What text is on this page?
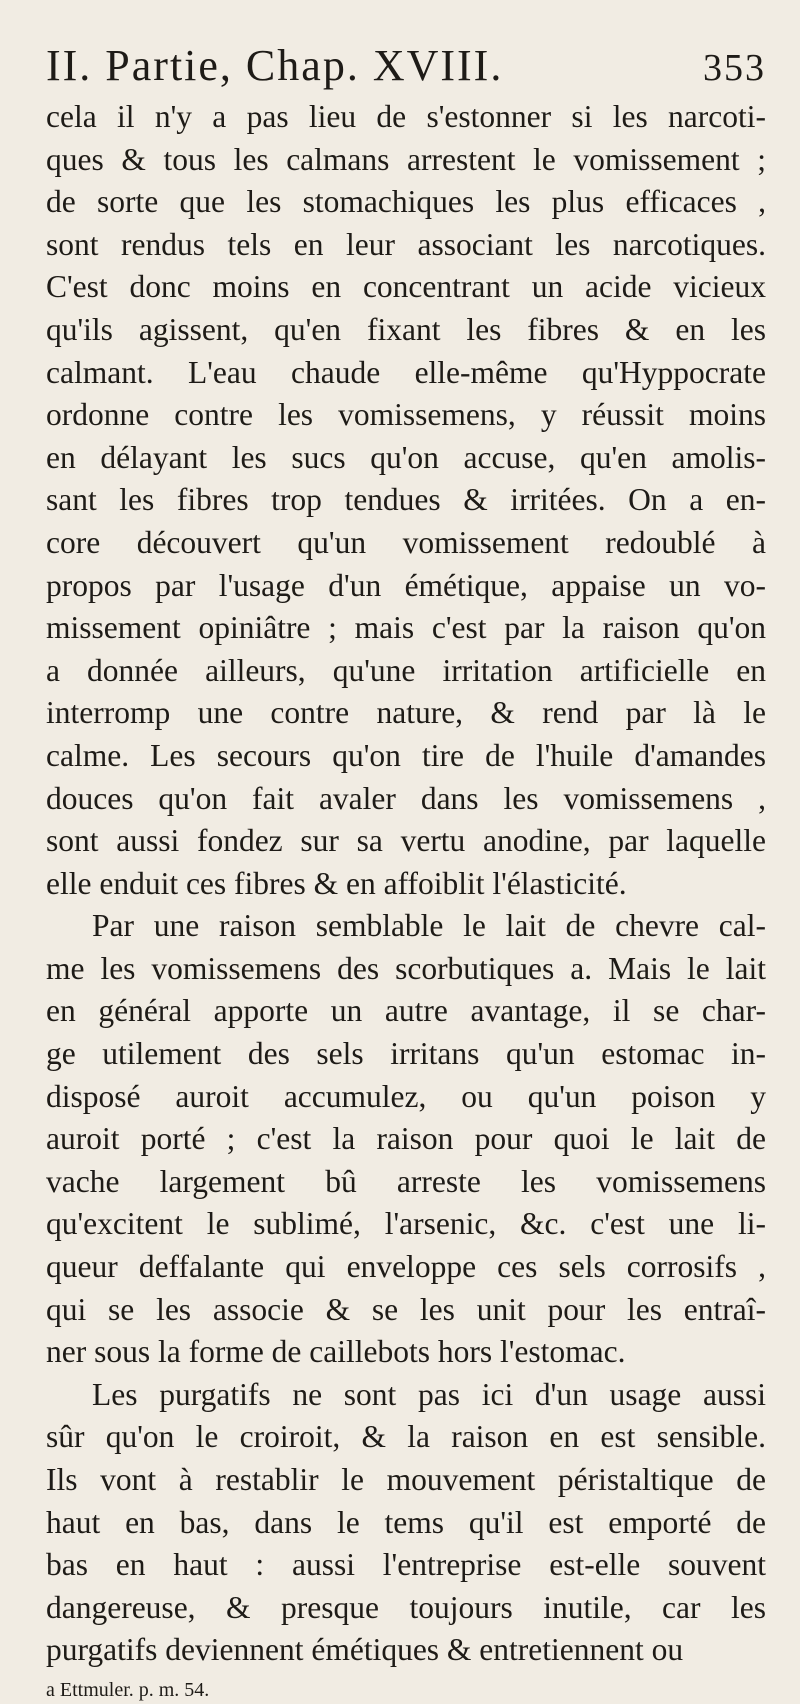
II. Partie, Chap. XVIII.	353
cela il n'y a pas lieu de s'estonner si les narcoti-
ques & tous les calmans arrestent le vomissement ;
de sorte que les stomachiques les plus efficaces ,
sont rendus tels en leur associant les narcotiques.
C'est donc moins en concentrant un acide vicieux
qu'ils agissent, qu'en fixant les fibres & en les
calmant. L'eau chaude elle-même qu'Hyppocrate
ordonne contre les vomissemens, y réussit moins
en délayant les sucs qu'on accuse, qu'en amolis-
sant les fibres trop tendues & irritées. On a en-
core découvert qu'un vomissement redoublé à
propos par l'usage d'un émétique, appaise un vo-
missement opiniâtre ; mais c'est par la raison qu'on
a donnée ailleurs, qu'une irritation artificielle en
interromp une contre nature, & rend par là le
calme. Les secours qu'on tire de l'huile d'amandes
douces qu'on fait avaler dans les vomissemens ,
sont aussi fondez sur sa vertu anodine, par laquelle
elle enduit ces fibres & en affoiblit l'élasticité.
Par une raison semblable le lait de chevre cal-
me les vomissemens des scorbutiques a. Mais le lait
en général apporte un autre avantage, il se char-
ge utilement des sels irritans qu'un estomac in-
disposé auroit accumulez, ou qu'un poison y
auroit porté ; c'est la raison pour quoi le lait de
vache largement bû arreste les vomissemens
qu'excitent le sublimé, l'arsenic, &c. c'est une li-
queur deffalante qui enveloppe ces sels corrosifs ,
qui se les associe & se les unit pour les entraî-
ner sous la forme de caillebots hors l'estomac.
Les purgatifs ne sont pas ici d'un usage aussi
sûr qu'on le croiroit, & la raison en est sensible.
Ils vont à restablir le mouvement péristaltique de
haut en bas, dans le tems qu'il est emporté de
bas en haut : aussi l'entreprise est-elle souvent
dangereuse, & presque toujours inutile, car les
purgatifs deviennent émétiques & entretiennent ou
a Ettmuler. p. m. 54.
